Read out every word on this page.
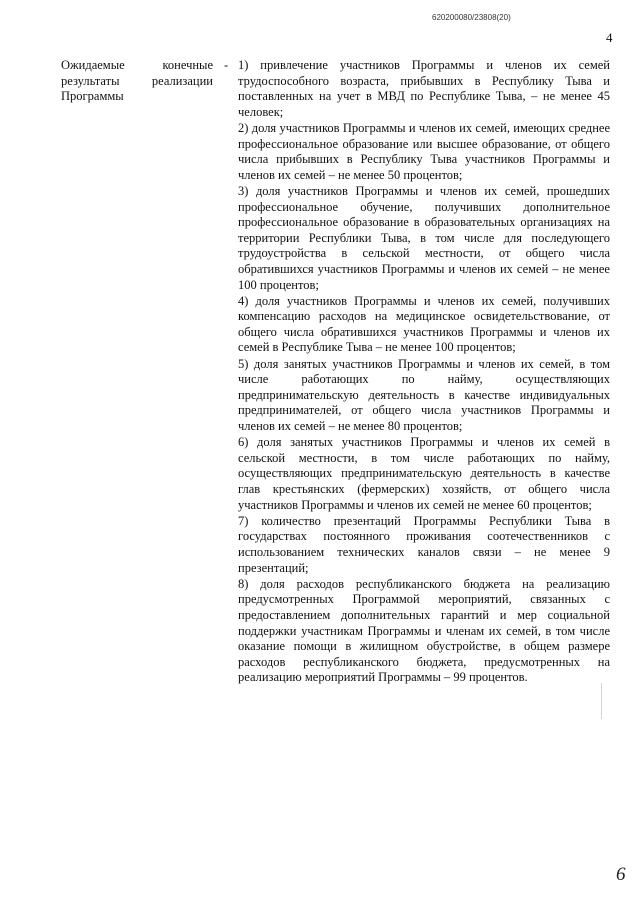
620200080/23808(20)
4
Ожидаемые конечные результаты реализации Программы
- 1) привлечение участников Программы и членов их семей трудоспособного возраста, прибывших в Республику Тыва и поставленных на учет в МВД по Республике Тыва, – не менее 45 человек;

2) доля участников Программы и членов их семей, имеющих среднее профессиональное образование или высшее образование, от общего числа прибывших в Республику Тыва участников Программы и членов их семей – не менее 50 процентов;

3) доля участников Программы и членов их семей, прошедших профессиональное обучение, получивших дополнительное профессиональное образование в образовательных организациях на территории Республики Тыва, в том числе для последующего трудоустройства в сельской местности, от общего числа обратившихся участников Программы и членов их семей – не менее 100 процентов;

4) доля участников Программы и членов их семей, получивших компенсацию расходов на медицинское освидетельствование, от общего числа обратившихся участников Программы и членов их семей в Республике Тыва – не менее 100 процентов;

5) доля занятых участников Программы и членов их семей, в том числе работающих по найму, осуществляющих предпринимательскую деятельность в качестве индивидуальных предпринимателей, от общего числа участников Программы и членов их семей – не менее 80 процентов;

6) доля занятых участников Программы и членов их семей в сельской местности, в том числе работающих по найму, осуществляющих предпринимательскую деятельность в качестве глав крестьянских (фермерских) хозяйств, от общего числа участников Программы и членов их семей не менее 60 процентов;

7) количество презентаций Программы Республики Тыва в государствах постоянного проживания соотечественников с использованием технических каналов связи – не менее 9 презентаций;

8) доля расходов республиканского бюджета на реализацию предусмотренных Программой мероприятий, связанных с предоставлением дополнительных гарантий и мер социальной поддержки участникам Программы и членам их семей, в том числе оказание помощи в жилищном обустройстве, в общем размере расходов республиканского бюджета, предусмотренных на реализацию мероприятий Программы – 99 процентов.

6
